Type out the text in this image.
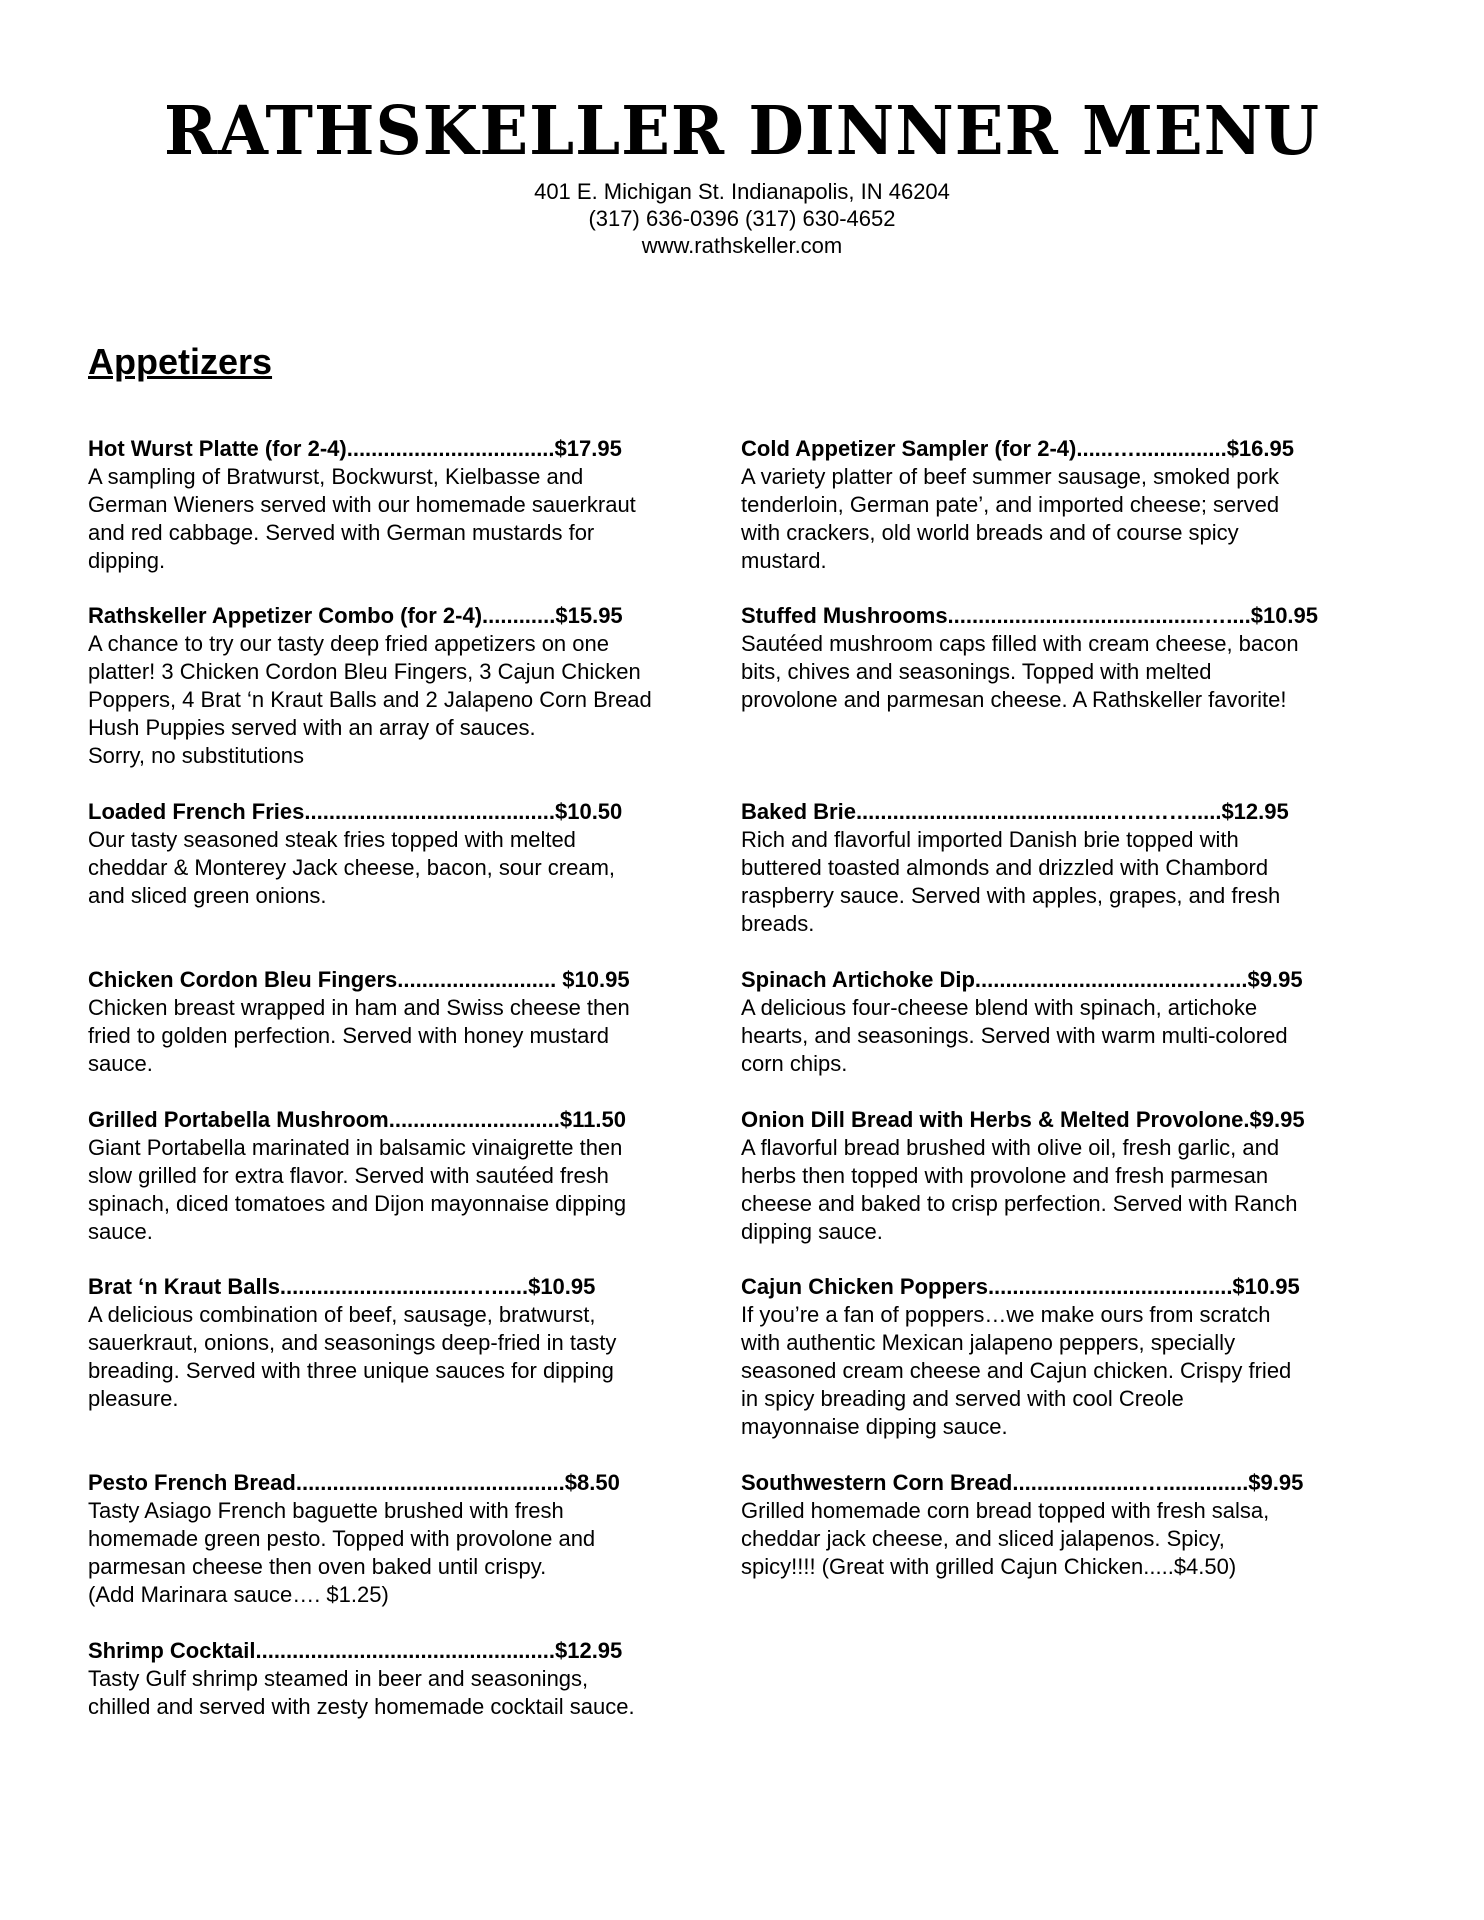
RATHSKELLER DINNER MENU
401 E. Michigan St. Indianapolis, IN 46204
(317) 636-0396 (317) 630-4652
www.rathskeller.com
Appetizers
Hot Wurst Platte (for 2-4)..................................$17.95
A sampling of Bratwurst, Bockwurst, Kielbasse and
German Wieners served with our homemade sauerkraut
and red cabbage. Served with German mustards for
dipping.
Rathskeller Appetizer Combo (for 2-4)............$15.95
A chance to try our tasty deep fried appetizers on one
platter! 3 Chicken Cordon Bleu Fingers, 3 Cajun Chicken
Poppers, 4 Brat ‘n Kraut Balls and 2 Jalapeno Corn Bread
Hush Puppies served with an array of sauces.
Sorry, no substitutions
Loaded French Fries.........................................$10.50
Our tasty seasoned steak fries topped with melted
cheddar & Monterey Jack cheese, bacon, sour cream,
and sliced green onions.
Chicken Cordon Bleu Fingers.......................... $10.95
Chicken breast wrapped in ham and Swiss cheese then
fried to golden perfection. Served with honey mustard
sauce.
Grilled Portabella Mushroom............................$11.50
Giant Portabella marinated in balsamic vinaigrette then
slow grilled for extra flavor. Served with sautéed fresh
spinach, diced tomatoes and Dijon mayonnaise dipping
sauce.
Brat ‘n Kraut Balls...............................…......$10.95
A delicious combination of beef, sausage, bratwurst,
sauerkraut, onions, and seasonings deep-fried in tasty
breading. Served with three unique sauces for dipping
pleasure.
Pesto French Bread............................................$8.50
Tasty Asiago French baguette brushed with fresh
homemade green pesto. Topped with provolone and
parmesan cheese then oven baked until crispy.
(Add Marinara sauce…. $1.25)
Shrimp Cocktail.................................................$12.95
Tasty Gulf shrimp steamed in beer and seasonings,
chilled and served with zesty homemade cocktail sauce.
Cold Appetizer Sampler (for 2-4)......…...............$16.95
A variety platter of beef summer sausage, smoked pork
tenderloin, German pate’, and imported cheese; served
with crackers, old world breads and of course spicy
mustard.
Stuffed Mushrooms..........................................…....$10.95
Sautéed mushroom caps filled with cream cheese, bacon
bits, chives and seasonings. Topped with melted
provolone and parmesan cheese. A Rathskeller favorite!
Baked Brie..........................................…..…….....$12.95
Rich and flavorful imported Danish brie topped with
buttered toasted almonds and drizzled with Chambord
raspberry sauce. Served with apples, grapes, and fresh
breads.
Spinach Artichoke Dip.....................................…....$9.95
A delicious four-cheese blend with spinach, artichoke
hearts, and seasonings. Served with warm multi-colored
corn chips.
Onion Dill Bread with Herbs & Melted Provolone.$9.95
A flavorful bread brushed with olive oil, fresh garlic, and
herbs then topped with provolone and fresh parmesan
cheese and baked to crisp perfection. Served with Ranch
dipping sauce.
Cajun Chicken Poppers........................................$10.95
If you’re a fan of poppers…we make ours from scratch
with authentic Mexican jalapeno peppers, specially
seasoned cream cheese and Cajun chicken. Crispy fried
in spicy breading and served with cool Creole
mayonnaise dipping sauce.
Southwestern Corn Bread.....................…..............$9.95
Grilled homemade corn bread topped with fresh salsa,
cheddar jack cheese, and sliced jalapenos. Spicy,
spicy!!!! (Great with grilled Cajun Chicken.....$4.50)
